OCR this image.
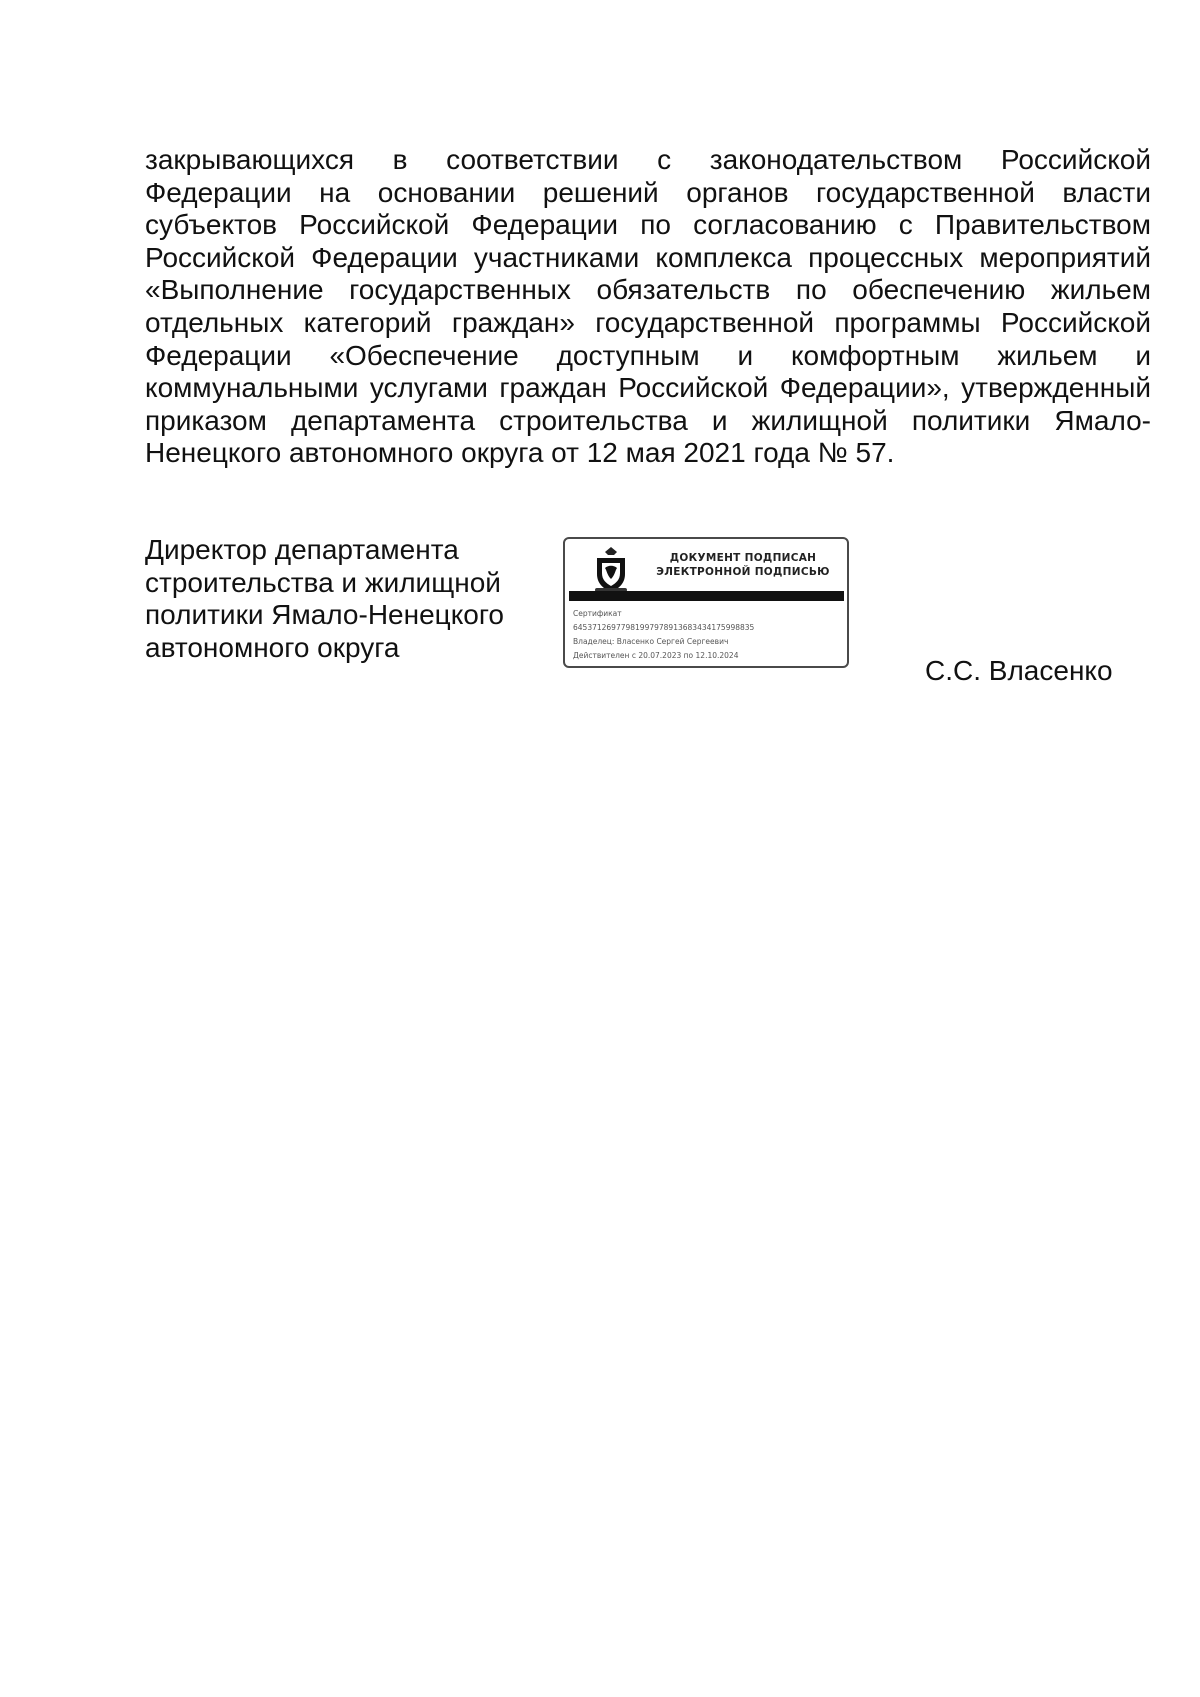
закрывающихся в соответствии с законодательством Российской Федерации на основании решений органов государственной власти субъектов Российской Федерации по согласованию с Правительством Российской Федерации участниками комплекса процессных мероприятий «Выполнение государственных обязательств по обеспечению жильем отдельных категорий граждан» государственной программы Российской Федерации «Обеспечение доступным и комфортным жильем и коммунальными услугами граждан Российской Федерации», утвержденный приказом департамента строительства и жилищной политики Ямало-Ненецкого автономного округа от 12 мая 2021 года № 57.

Директор департамента
строительства и жилищной
политики Ямало-Ненецкого
автономного округа
ДОКУМЕНТ ПОДПИСАН
ЭЛЕКТРОННОЙ ПОДПИСЬЮ
Сертификат
64537126977981997978913683434175998835
Владелец: Власенко Сергей Сергеевич
Действителен с 20.07.2023 по 12.10.2024	С.С. Власенко
